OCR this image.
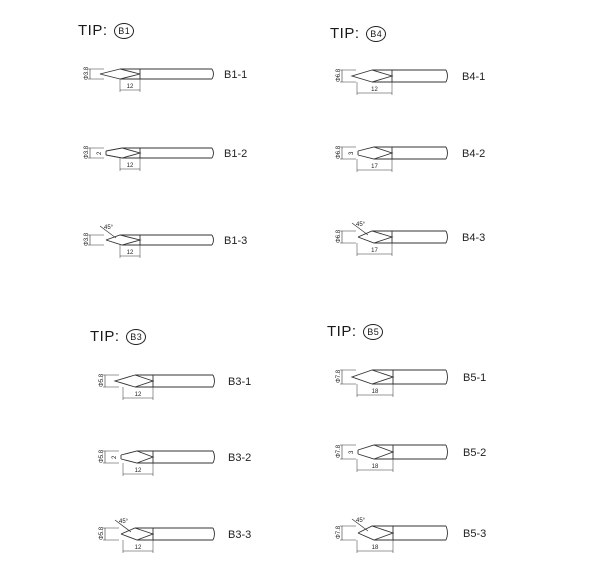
TIP: B1	TIP: B4
TIP: B3	TIP: B5
Φ3.8
12
B1-1
2
Φ3.8
12
B1-2
45°
Φ3.8
12
B1-3
Φ6.8
12
B4-1
3
Φ6.8
17
B4-2
45°
Φ6.8
17
B4-3
Φ5.8
12
B3-1
2
Φ5.8
12
B3-2
45°
Φ5.8
12
B3-3
Φ7.8
18
B5-1
3
Φ7.8
18
B5-2
45°
Φ7.8
18
B5-3
